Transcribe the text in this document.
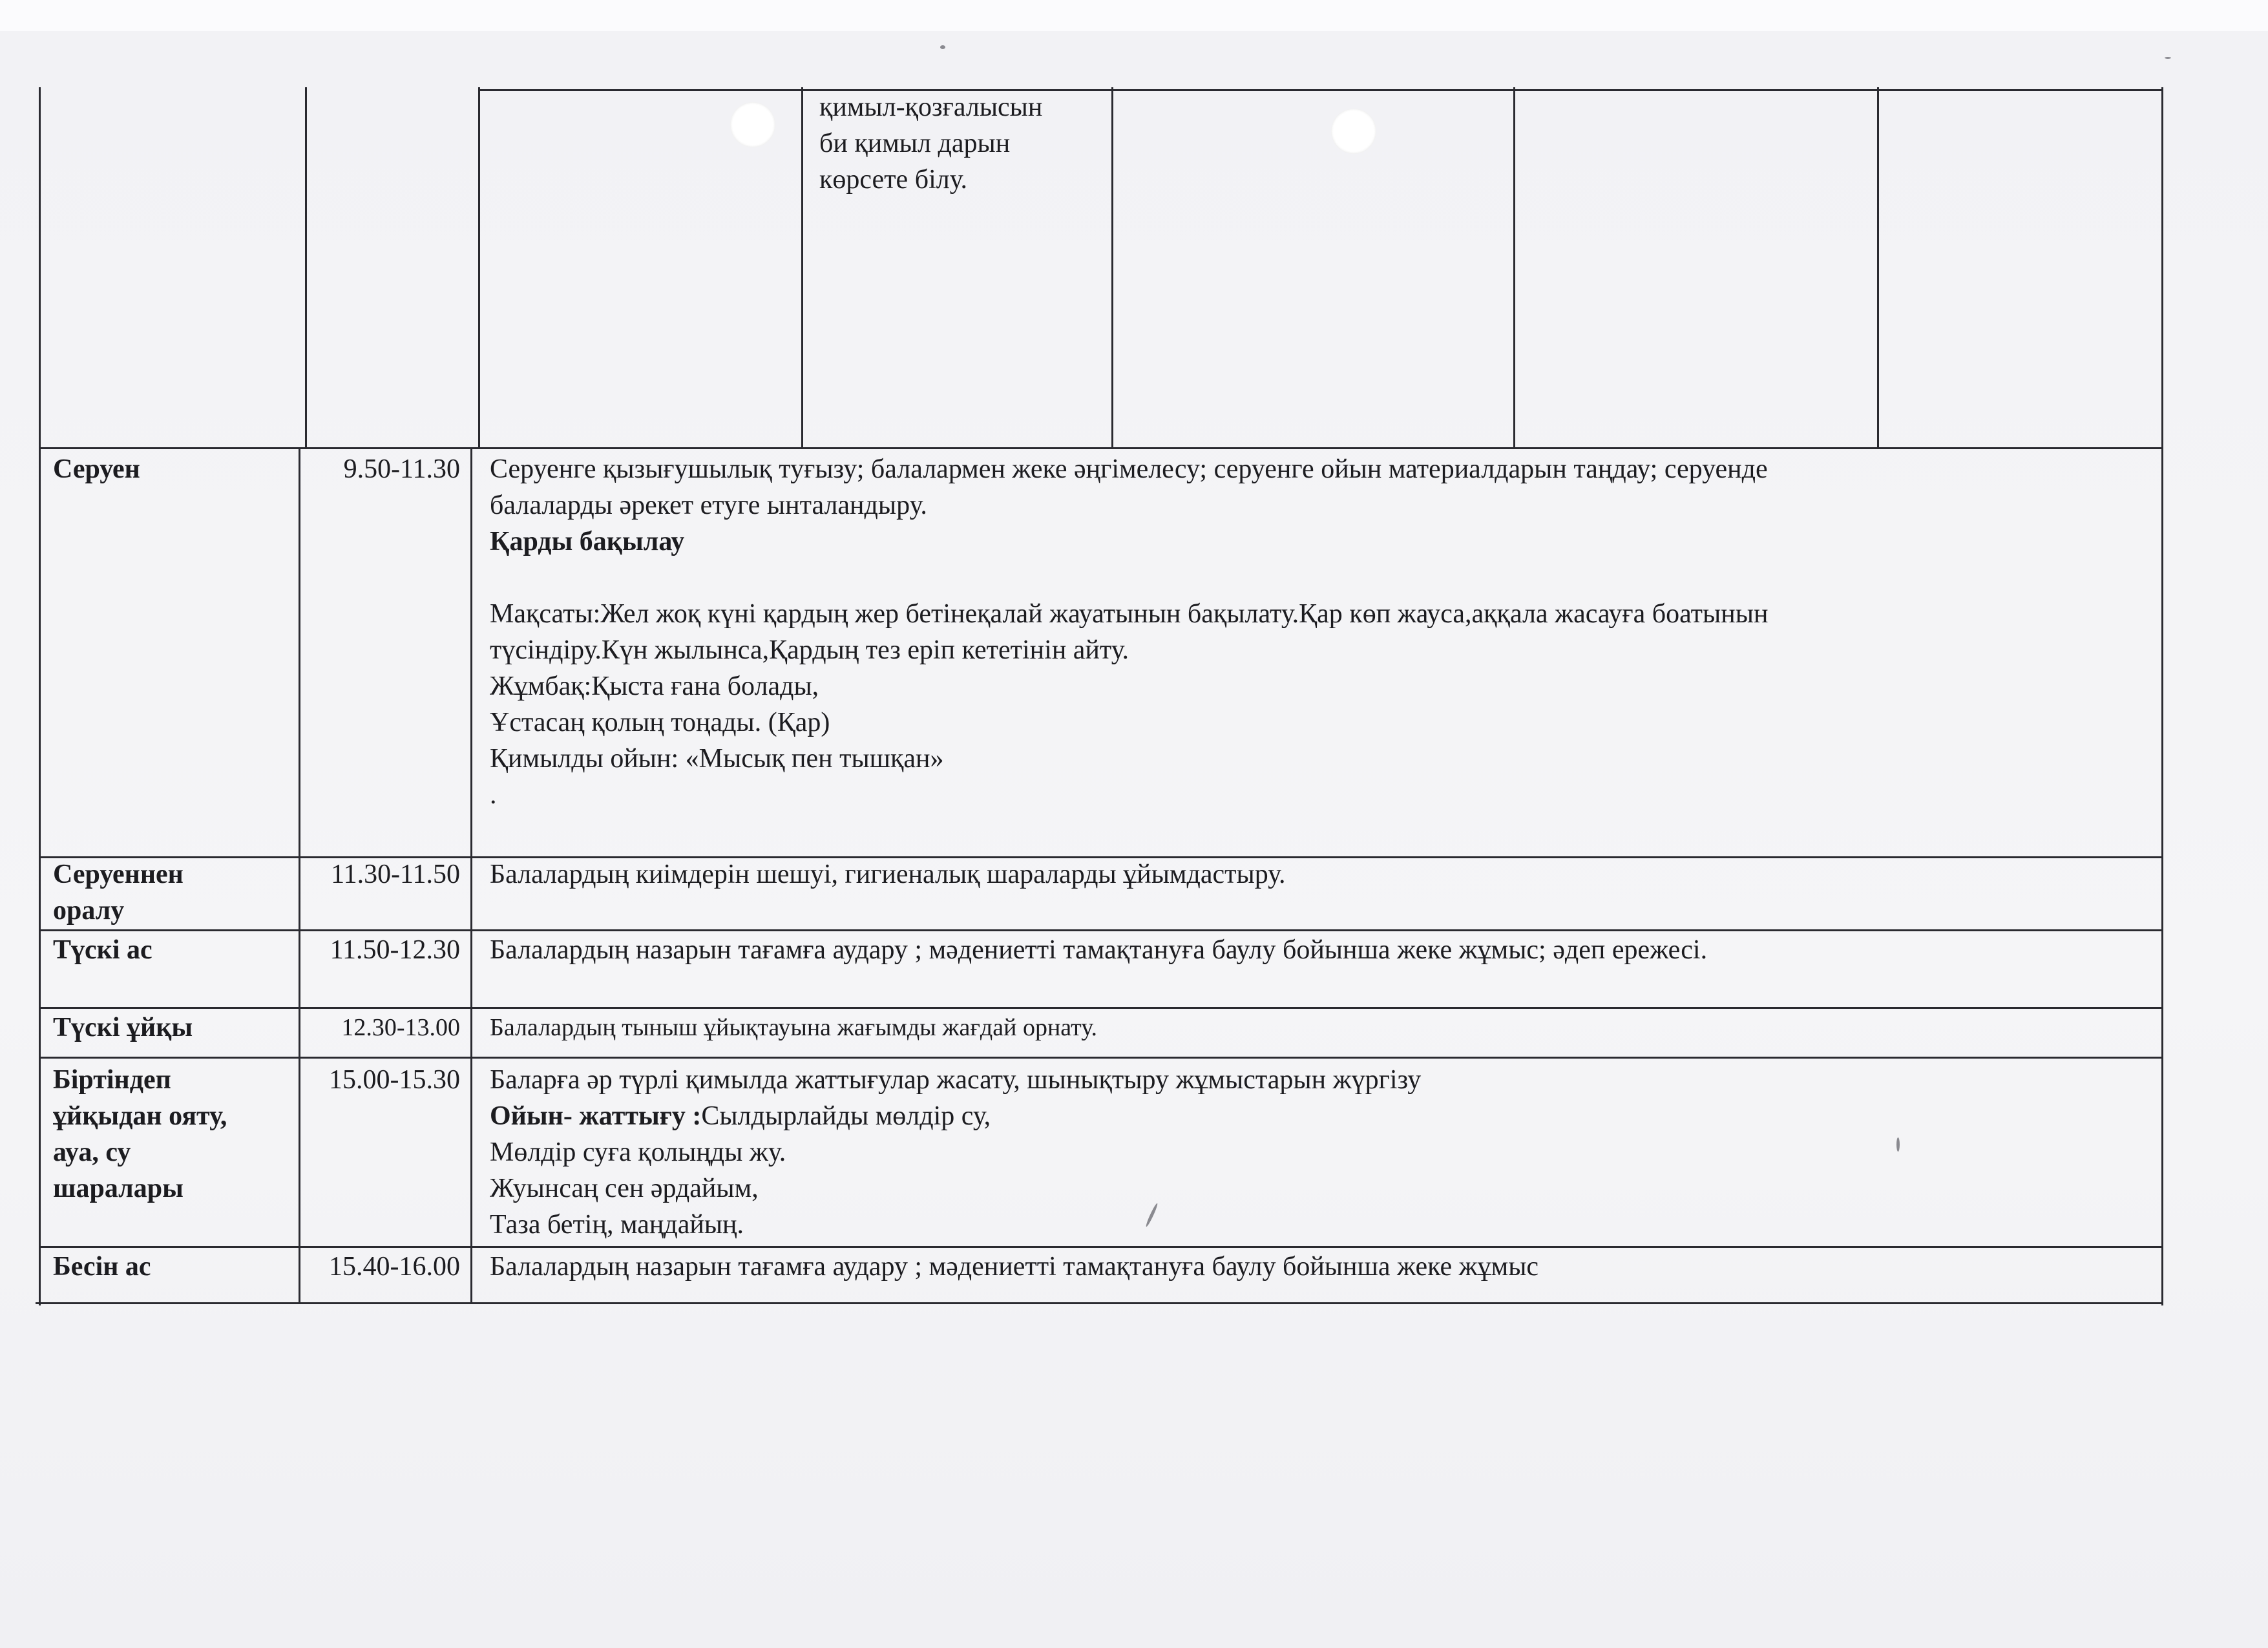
қимыл-қозғалысын
би қимыл дарын
көрсете білу.
Серуен	9.50-11.30 Серуенге қызығушылық туғызу; балалармен жеке әңгімелесу; серуенге ойын материалдарын таңдау; серуенде
балаларды әрекет етуге ынталандыру.
Қарды бақылау
Мақсаты:Жел жоқ күні қардың жер бетінеқалай жауатынын бақылату.Қар көп жауса,аққала жасауға боатынын
түсіндіру.Күн жылынса,Қардың тез еріп кететінін айту.
Жұмбақ:Қыста ғана болады,
Ұстасаң қолың тоңады. (Қар)
Қимылды ойын: «Мысық пен тышқан»
.
Серуеннен
оралу
11.30-11.50 Балалардың киімдерін шешуі, гигиеналық шараларды ұйымдастыру.
Түскі ас	11.50-12.30 Балалардың назарын тағамға аудару ; мәдениетті тамақтануға баулу бойынша жеке жұмыс; әдеп ережесі.
Түскі ұйқы	12.30-13.00 Балалардың тыныш ұйықтауына жағымды жағдай орнату.
Біртіндеп
ұйқыдан ояту,
ауа, су
шаралары
15.00-15.30 Баларға әр түрлі қимылда жаттығулар жасату, шынықтыру жұмыстарын жүргізу
Ойын- жаттығу :Сылдырлайды мөлдір су,
Мөлдір суға қолыңды жу.
Жуынсаң сен әрдайым,
Таза бетің, маңдайың.
Бесін ас	15.40-16.00 Балалардың назарын тағамға аудару ; мәдениетті тамақтануға баулу бойынша жеке жұмыс
